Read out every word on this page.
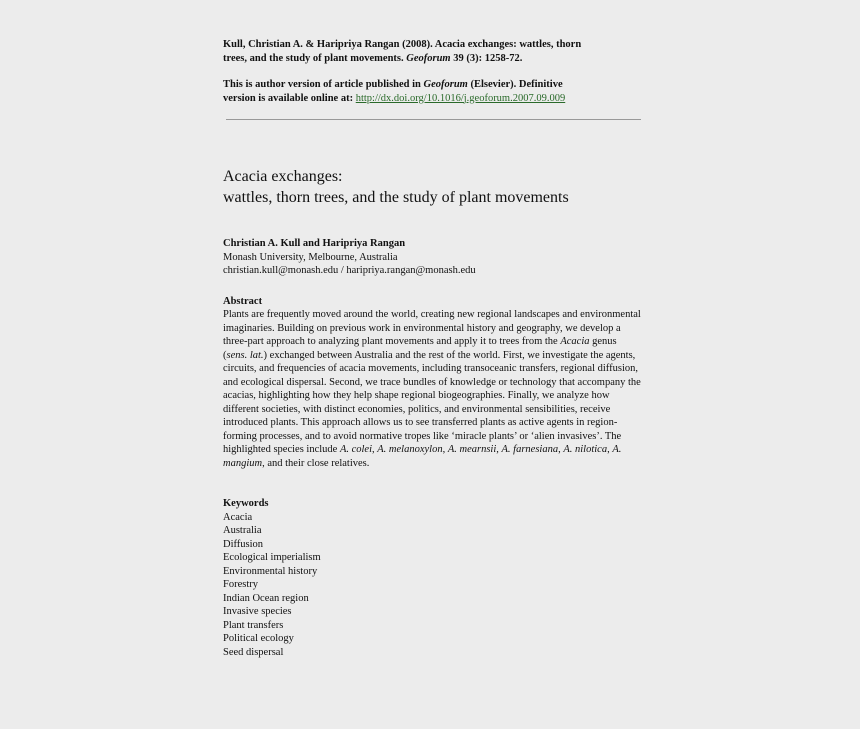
Kull, Christian A. & Haripriya Rangan (2008). Acacia exchanges: wattles, thorn
trees, and the study of plant movements. Geoforum 39 (3): 1258-72.
This is author version of article published in Geoforum (Elsevier). Definitive
version is available online at: http://dx.doi.org/10.1016/j.geoforum.2007.09.009
Acacia exchanges:
wattles, thorn trees, and the study of plant movements
Christian A. Kull and Haripriya Rangan
Monash University, Melbourne, Australia
christian.kull@monash.edu / haripriya.rangan@monash.edu
Abstract

Plants are frequently moved around the world, creating new regional landscapes and environmental imaginaries. Building on previous work in environmental history and geography, we develop a three-part approach to analyzing plant movements and apply it to trees from the Acacia genus (sens. lat.) exchanged between Australia and the rest of the world. First, we investigate the agents, circuits, and frequencies of acacia movements, including transoceanic transfers, regional diffusion, and ecological dispersal. Second, we trace bundles of knowledge or technology that accompany the acacias, highlighting how they help shape regional biogeographies. Finally, we analyze how different societies, with distinct economies, politics, and environmental sensibilities, receive introduced plants. This approach allows us to see transferred plants as active agents in region-forming processes, and to avoid normative tropes like ‘miracle plants’ or ‘alien invasives’. The highlighted species include A. colei, A. melanoxylon, A. mearnsii, A. farnesiana, A. nilotica, A. mangium, and their close relatives.

Keywords
Acacia
Australia
Diffusion
Ecological imperialism
Environmental history
Forestry
Indian Ocean region
Invasive species
Plant transfers
Political ecology
Seed dispersal
